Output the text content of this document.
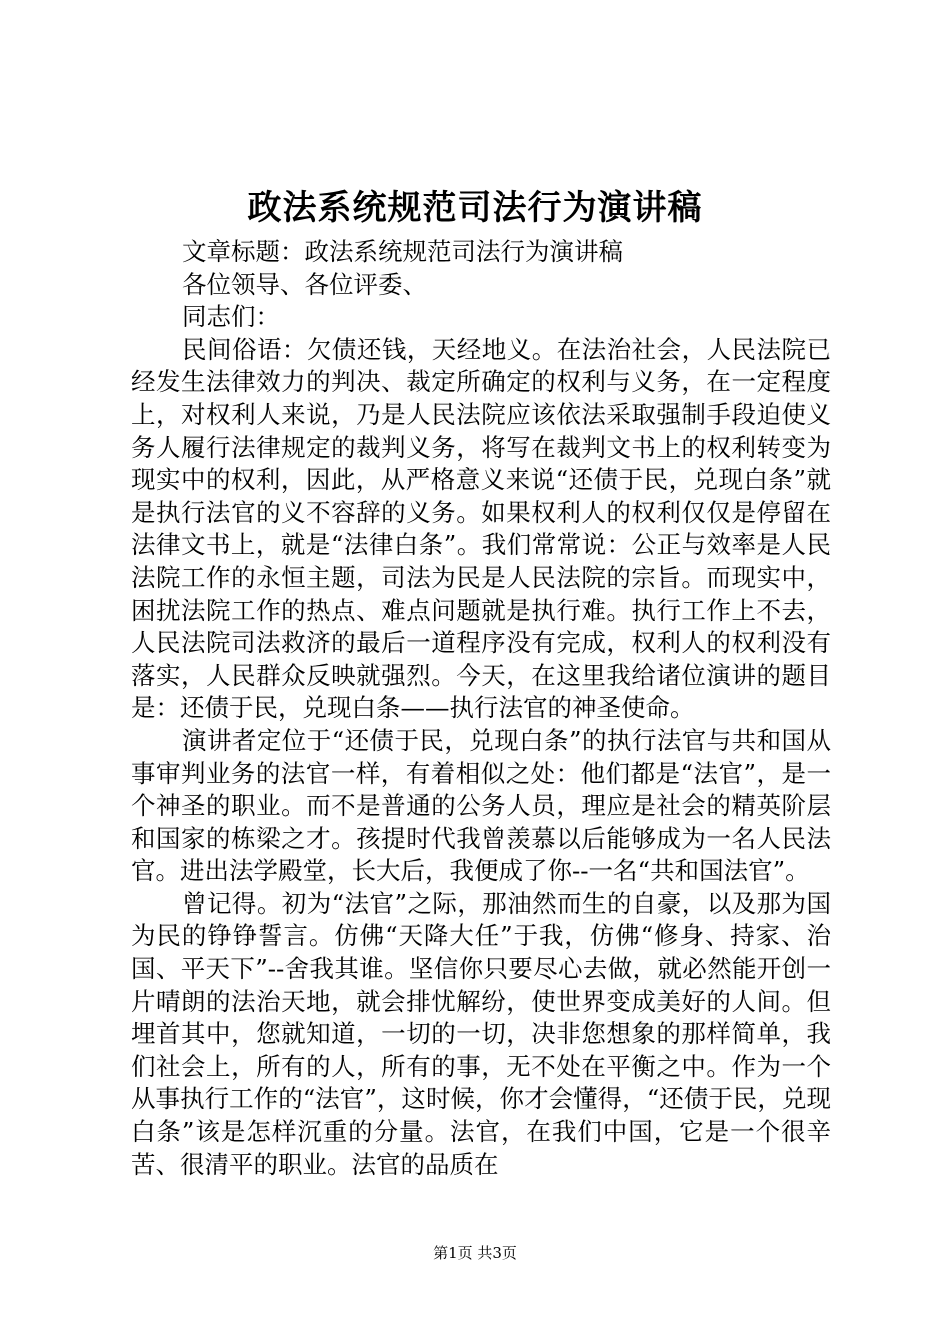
政法系统规范司法行为演讲稿

文章标题：政法系统规范司法行为演讲稿

各位领导、各位评委、

同志们：

民间俗语：欠债还钱，天经地义。在法治社会，人民法院已经发生法律效力的判决、裁定所确定的权利与义务，在一定程度上，对权利人来说，乃是人民法院应该依法采取强制手段迫使义务人履行法律规定的裁判义务，将写在裁判文书上的权利转变为现实中的权利，因此，从严格意义来说“还债于民，兑现白条”就是执行法官的义不容辞的义务。如果权利人的权利仅仅是停留在法律文书上，就是“法律白条”。我们常常说：公正与效率是人民法院工作的永恒主题，司法为民是人民法院的宗旨。而现实中，困扰法院工作的热点、难点问题就是执行难。执行工作上不去，人民法院司法救济的最后一道程序没有完成，权利人的权利没有落实，人民群众反映就强烈。今天，在这里我给诸位演讲的题目是：还债于民，兑现白条——执行法官的神圣使命。

演讲者定位于“还债于民，兑现白条”的执行法官与共和国从事审判业务的法官一样，有着相似之处：他们都是“法官”，是一个神圣的职业。而不是普通的公务人员，理应是社会的精英阶层和国家的栋梁之才。孩提时代我曾羡慕以后能够成为一名人民法官。进出法学殿堂，长大后，我便成了你--一名“共和国法官”。

曾记得。初为“法官”之际，那油然而生的自豪，以及那为国为民的铮铮誓言。仿佛“天降大任”于我，仿佛“修身、持家、治国、平天下”--舍我其谁。坚信你只要尽心去做，就必然能开创一片晴朗的法治天地，就会排忧解纷，使世界变成美好的人间。但埋首其中，您就知道，一切的一切，决非您想象的那样简单，我们社会上，所有的人，所有的事，无不处在平衡之中。作为一个从事执行工作的“法官”，这时候，你才会懂得，“还债于民，兑现白条”该是怎样沉重的分量。法官，在我们中国，它是一个很辛苦、很清平的职业。法官的品质在

第1页 共3页
